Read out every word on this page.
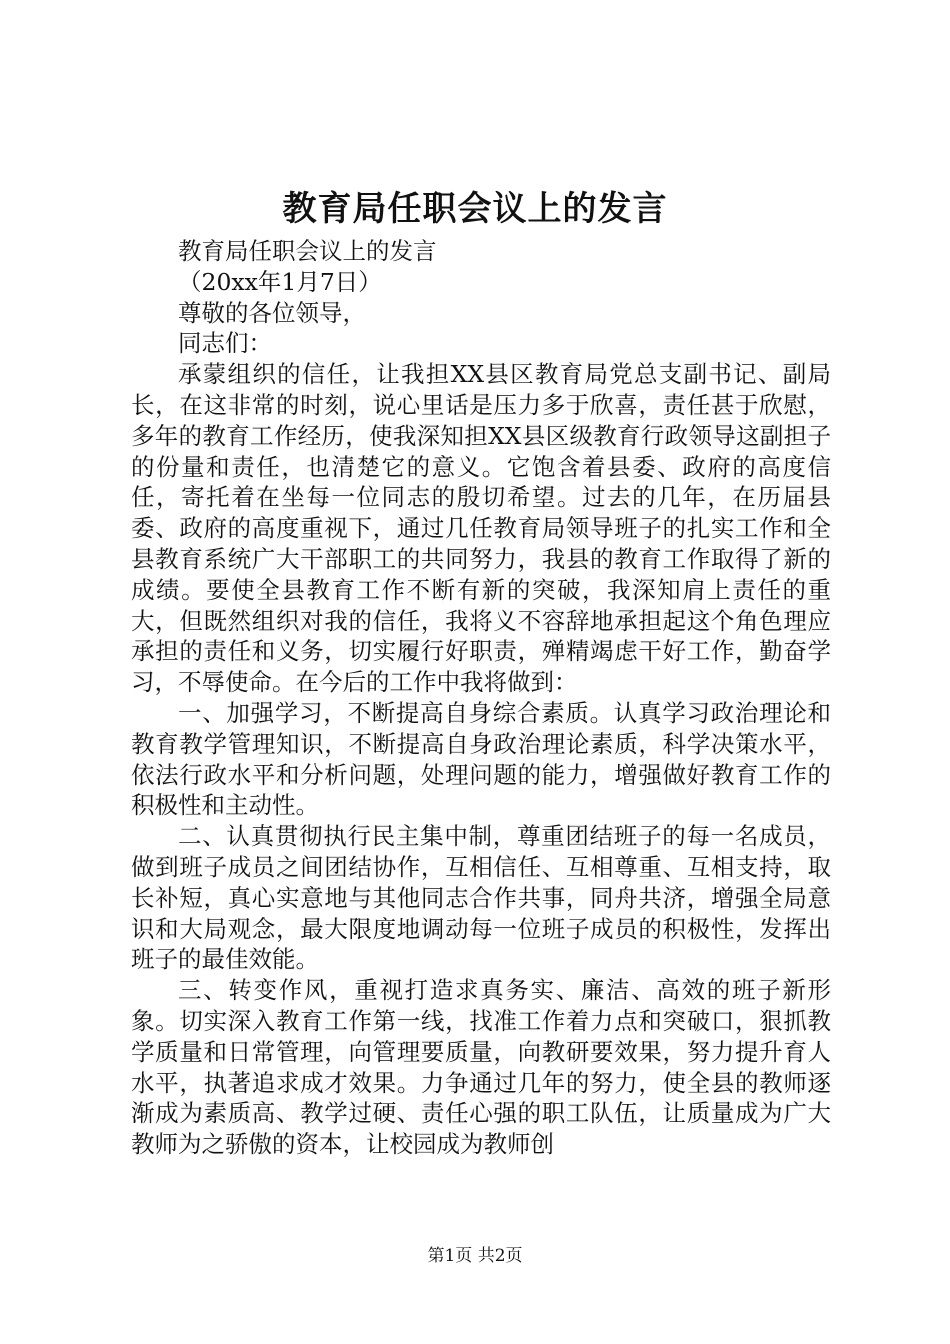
教育局任职会议上的发言

教育局任职会议上的发言

（20xx年1月7日）

尊敬的各位领导，

同志们：

承蒙组织的信任，让我担XX县区教育局党总支副书记、副局长，在这非常的时刻，说心里话是压力多于欣喜，责任甚于欣慰，多年的教育工作经历，使我深知担XX县区级教育行政领导这副担子的份量和责任，也清楚它的意义。它饱含着县委、政府的高度信任，寄托着在坐每一位同志的殷切希望。过去的几年，在历届县委、政府的高度重视下，通过几任教育局领导班子的扎实工作和全县教育系统广大干部职工的共同努力，我县的教育工作取得了新的成绩。要使全县教育工作不断有新的突破，我深知肩上责任的重大，但既然组织对我的信任，我将义不容辞地承担起这个角色理应承担的责任和义务，切实履行好职责，殚精竭虑干好工作，勤奋学习，不辱使命。在今后的工作中我将做到：

一、加强学习，不断提高自身综合素质。认真学习政治理论和教育教学管理知识，不断提高自身政治理论素质，科学决策水平，依法行政水平和分析问题，处理问题的能力，增强做好教育工作的积极性和主动性。

二、认真贯彻执行民主集中制，尊重团结班子的每一名成员，做到班子成员之间团结协作，互相信任、互相尊重、互相支持，取长补短，真心实意地与其他同志合作共事，同舟共济，增强全局意识和大局观念，最大限度地调动每一位班子成员的积极性，发挥出班子的最佳效能。

三、转变作风，重视打造求真务实、廉洁、高效的班子新形象。切实深入教育工作第一线，找准工作着力点和突破口，狠抓教学质量和日常管理，向管理要质量，向教研要效果，努力提升育人水平，执著追求成才效果。力争通过几年的努力，使全县的教师逐渐成为素质高、教学过硬、责任心强的职工队伍，让质量成为广大教师为之骄傲的资本，让校园成为教师创

第1页 共2页
